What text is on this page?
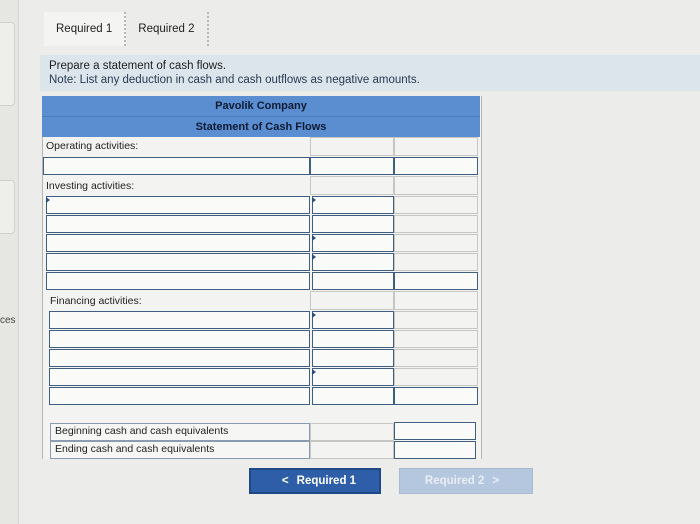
ces
Required 1	Required 2
Prepare a statement of cash flows.
Note: List any deduction in cash and cash outflows as negative amounts.
Pavolik Company
Statement of Cash Flows
Operating activities:
Investing activities:
Financing activities:
Beginning cash and cash equivalents
Ending cash and cash equivalents
< Required 1	Required 2 >
